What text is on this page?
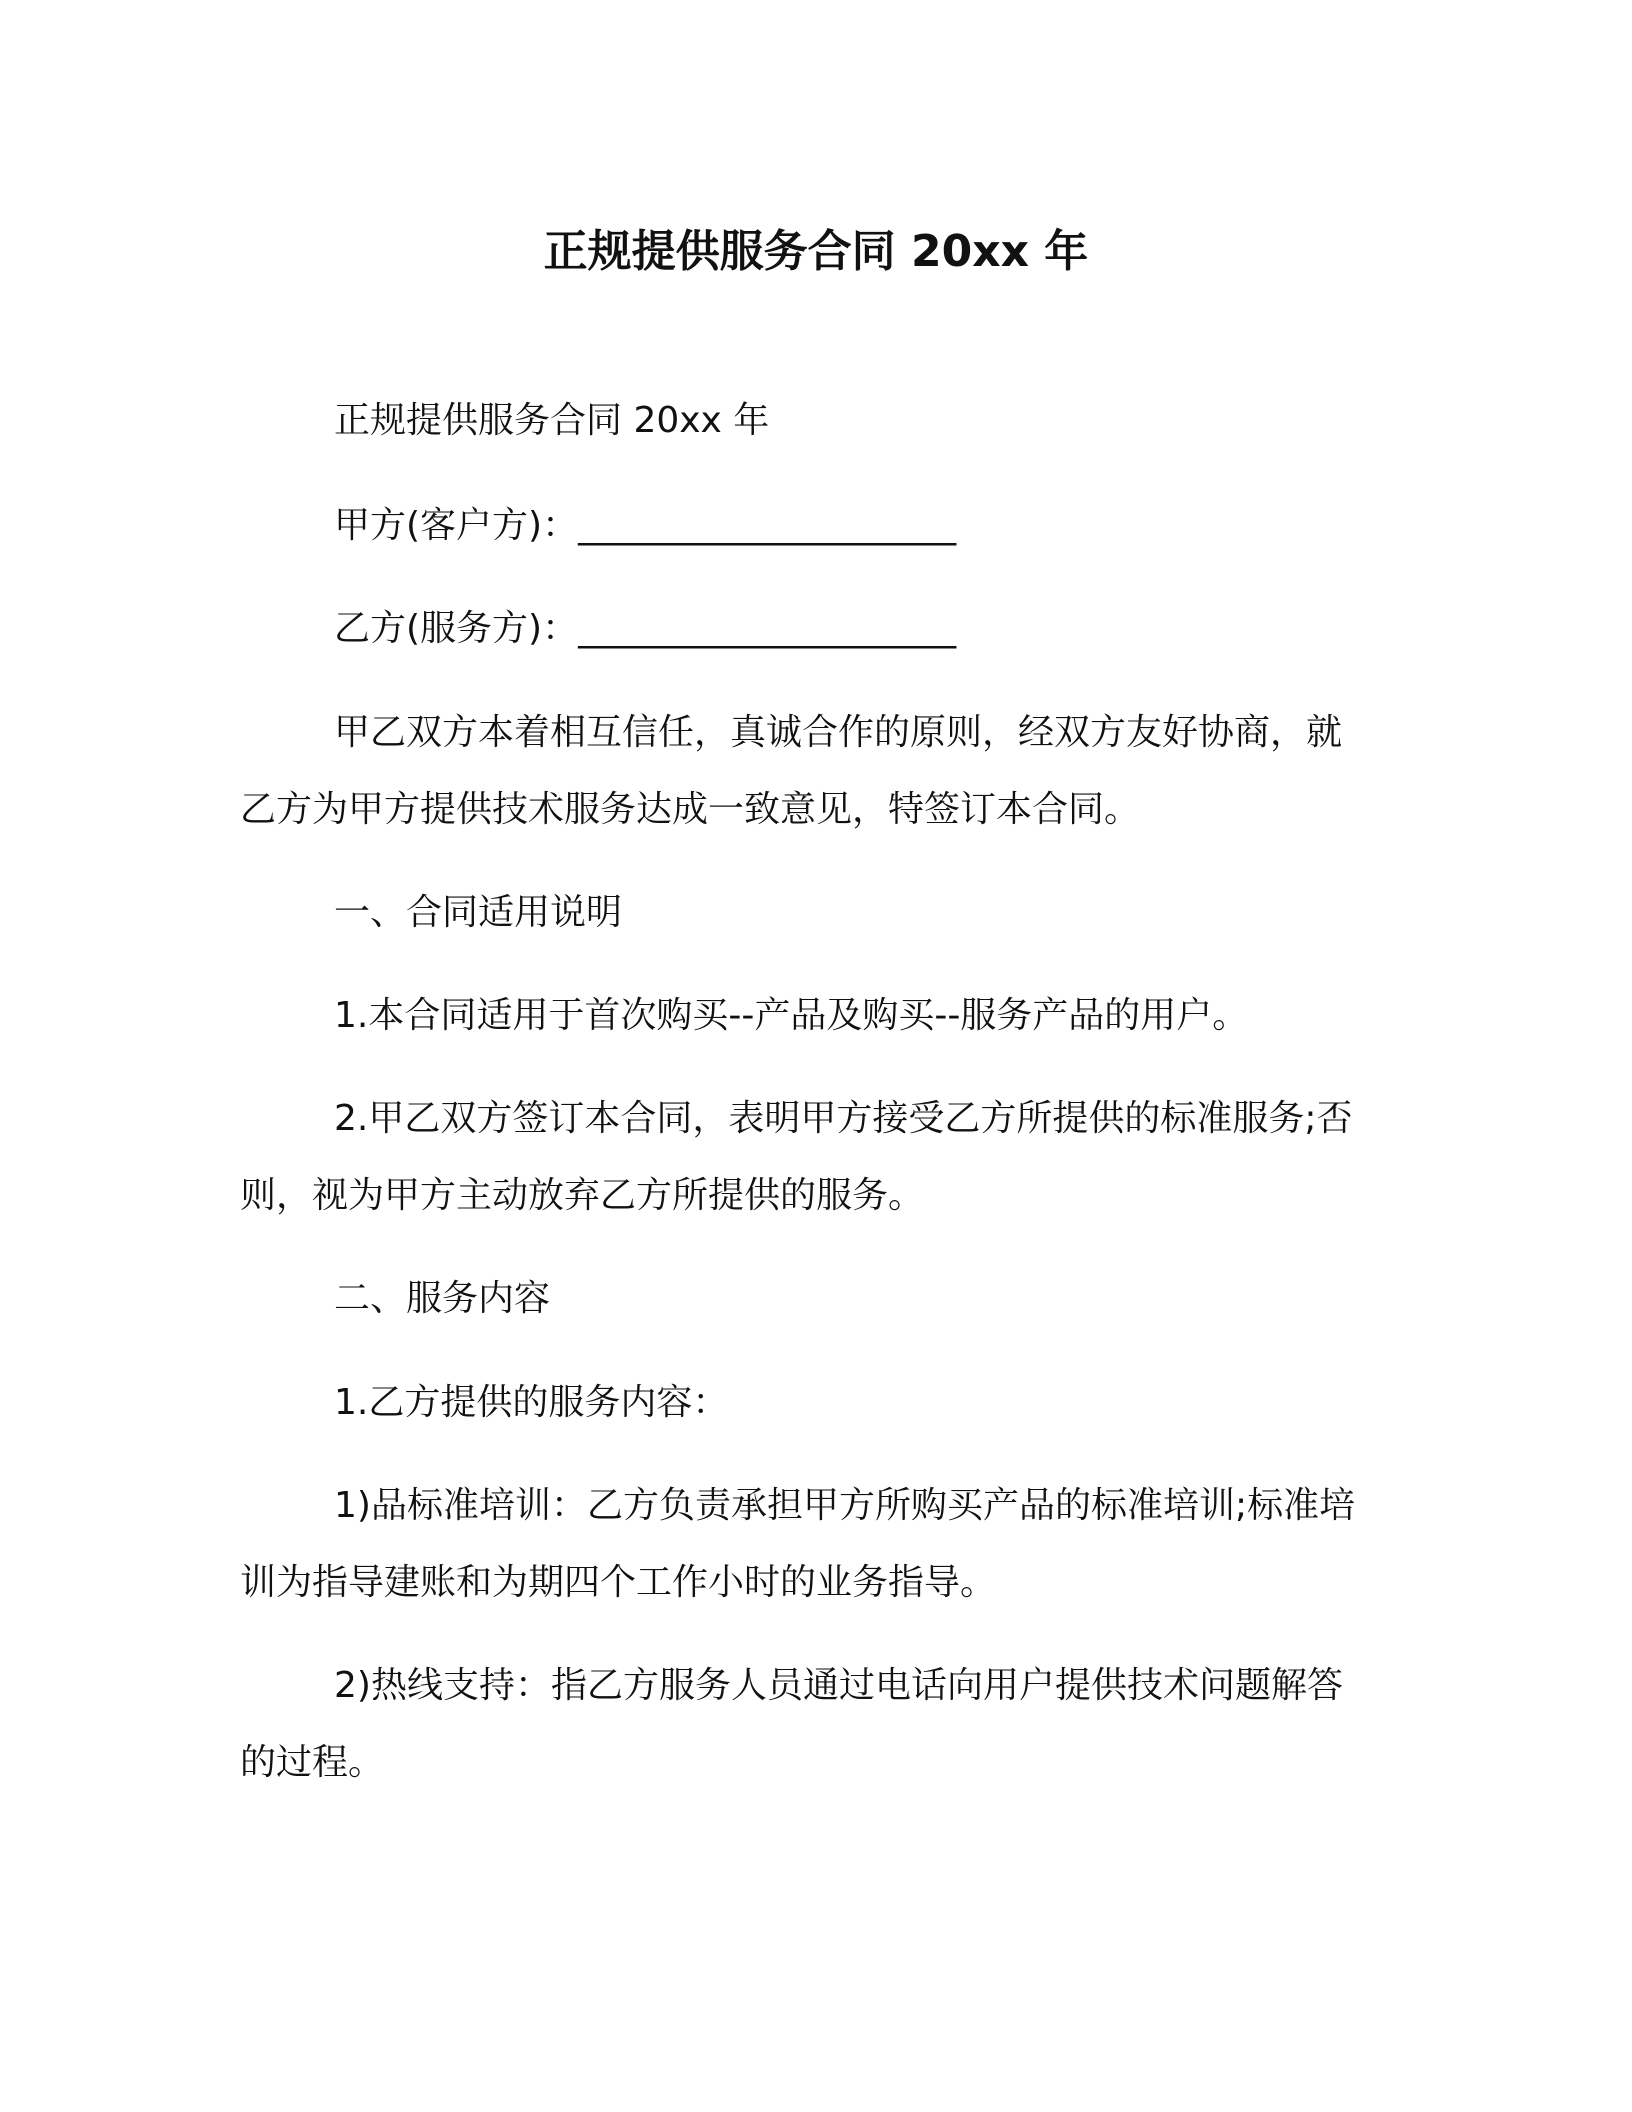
正规提供服务合同 20xx 年

正规提供服务合同 20xx 年

甲方(客户方)：_____________________

乙方(服务方)：_____________________

甲乙双方本着相互信任，真诚合作的原则，经双方友好协商，就

乙方为甲方提供技术服务达成一致意见，特签订本合同。

一、合同适用说明

1.本合同适用于首次购买--产品及购买--服务产品的用户。

2.甲乙双方签订本合同，表明甲方接受乙方所提供的标准服务;否

则，视为甲方主动放弃乙方所提供的服务。

二、服务内容

1.乙方提供的服务内容：

1)品标准培训：乙方负责承担甲方所购买产品的标准培训;标准培

训为指导建账和为期四个工作小时的业务指导。

2)热线支持：指乙方服务人员通过电话向用户提供技术问题解答

的过程。
